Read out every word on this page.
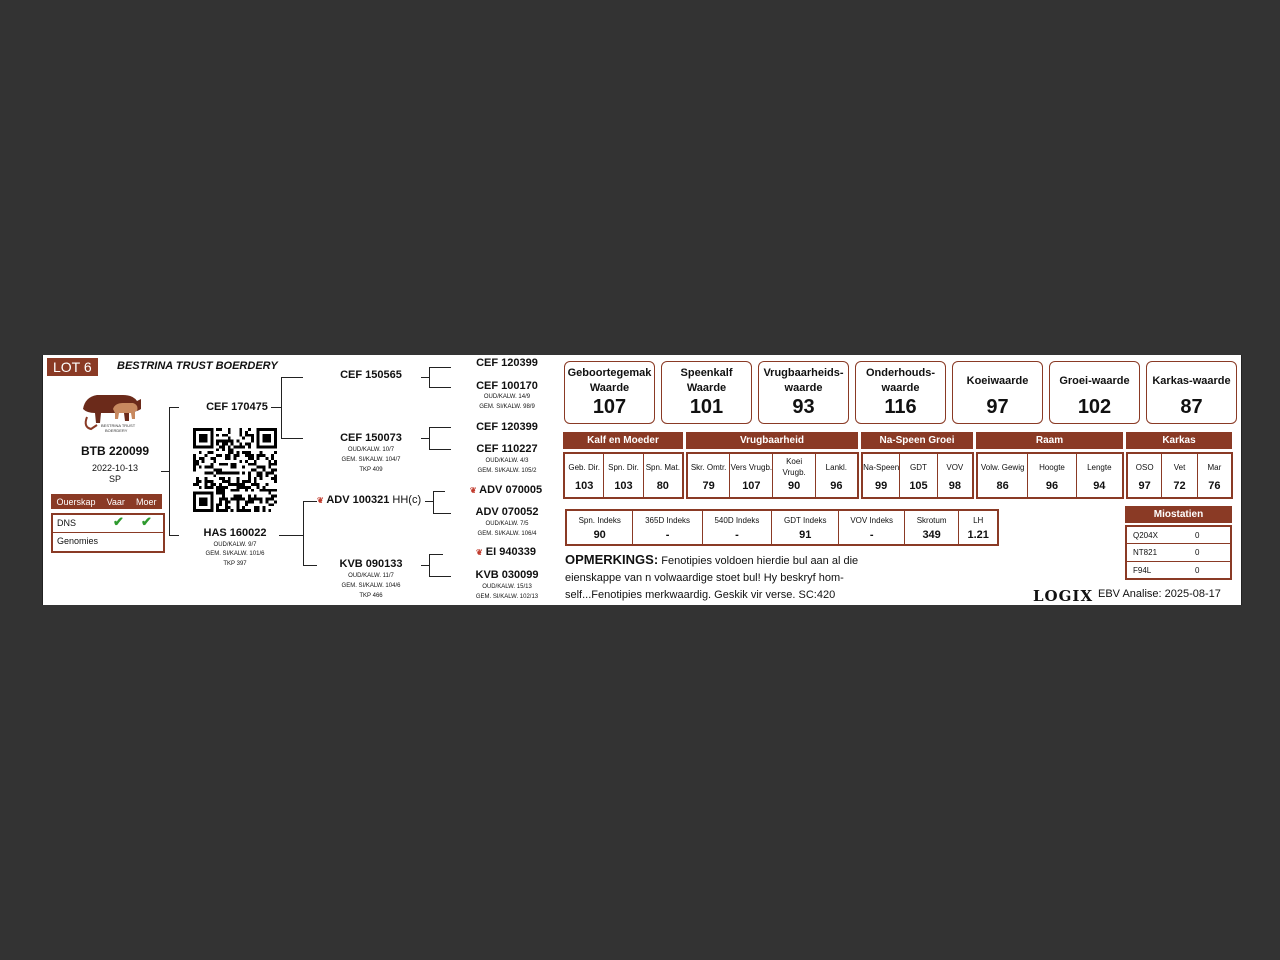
LOT 6	BESTRINA TRUST BOERDERY
BESTRINA TRUST
BOERDERY
BTB 220099
2022-10-13
SP
Ouerskap Vaar Moer
DNS	✔ ✔
Genomies
CEF 170475
HAS 160022
OUD/KALW. 9/7
GEM. SI/KALW. 101/6
TKP 397
CEF 150565
CEF 150073
OUD/KALW. 10/7
GEM. SI/KALW. 104/7
TKP 409
❦ ADV 100321 HH(c)
KVB 090133
OUD/KALW. 11/7
GEM. SI/KALW. 104/6
TKP 466
CEF 120399
CEF 100170
OUD/KALW. 14/9
GEM. SI/KALW. 98/9
CEF 120399
CEF 110227
OUD/KALW. 4/3
GEM. SI/KALW. 105/2
❦ ADV 070005
ADV 070052
OUD/KALW. 7/5
GEM. SI/KALW. 106/4
❦ EI 940339
KVB 030099
OUD/KALW. 15/13
GEM. SI/KALW. 102/13
Geboortegemak Waarde
107
Speenkalf Waarde
101
Vrugbaarheids-waarde
93
Onderhouds-waarde
116
Koeiwaarde
97
Groei-waarde
102
Karkas-waarde
87
Kalf en Moeder	Vrugbaarheid	Na-Speen Groei	Raam	Karkas
Geb. Dir.
103
Spn. Dir.
103
Spn. Mat.
80
Skr. Omtr.
79
Vers Vrugb.
107
Koei Vrugb.
90
Lankl.
96
Na-Speen
99
GDT
105
VOV
98
Volw. Gewig
86
Hoogte
96
Lengte
94
OSO
97
Vet
72
Mar
76
Spn. Indeks
90
365D Indeks
-
540D Indeks
-
GDT Indeks
91
VOV Indeks
-
Skrotum
349
LH
1.21
OPMERKINGS: Fenotipies voldoen hierdie bul aan al die eienskappe van n volwaardige stoet bul! Hy beskryf hom-self...Fenotipies merkwaardig. Geskik vir verse. SC:420
Miostatien
Q204X	0
NT821	0
F94L	0
LOGIX EBV Analise: 2025-08-17
